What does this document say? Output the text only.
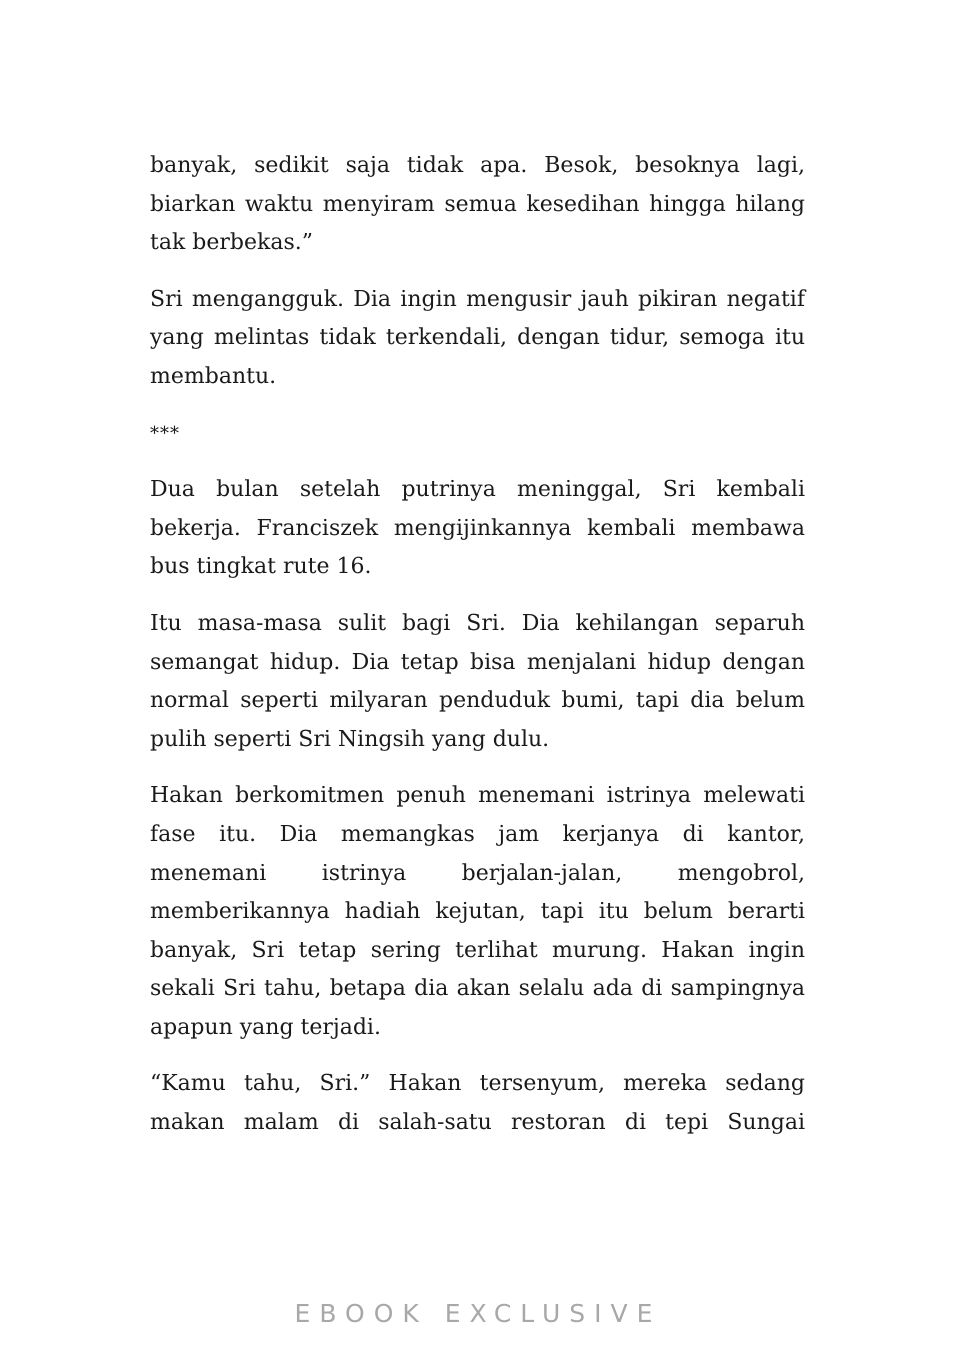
banyak, sedikit saja tidak apa. Besok, besoknya lagi, biarkan waktu menyiram semua kesedihan hingga hilang tak berbekas.”

Sri mengangguk. Dia ingin mengusir jauh pikiran negatif yang melintas tidak terkendali, dengan tidur, semoga itu membantu.

***

Dua bulan setelah putrinya meninggal, Sri kembali bekerja. Franciszek mengijinkannya kembali membawa bus tingkat rute 16.

Itu masa-masa sulit bagi Sri. Dia kehilangan separuh semangat hidup. Dia tetap bisa menjalani hidup dengan normal seperti milyaran penduduk bumi, tapi dia belum pulih seperti Sri Ningsih yang dulu.

Hakan berkomitmen penuh menemani istrinya melewati fase itu. Dia memangkas jam kerjanya di kantor, menemani istrinya berjalan-jalan, mengobrol, memberikannya hadiah kejutan, tapi itu belum berarti banyak, Sri tetap sering terlihat murung. Hakan ingin sekali Sri tahu, betapa dia akan selalu ada di sampingnya apapun yang terjadi.

“Kamu tahu, Sri.” Hakan tersenyum, mereka sedang makan malam di salah-satu restoran di tepi Sungai

EBOOK EXCLUSIVE
